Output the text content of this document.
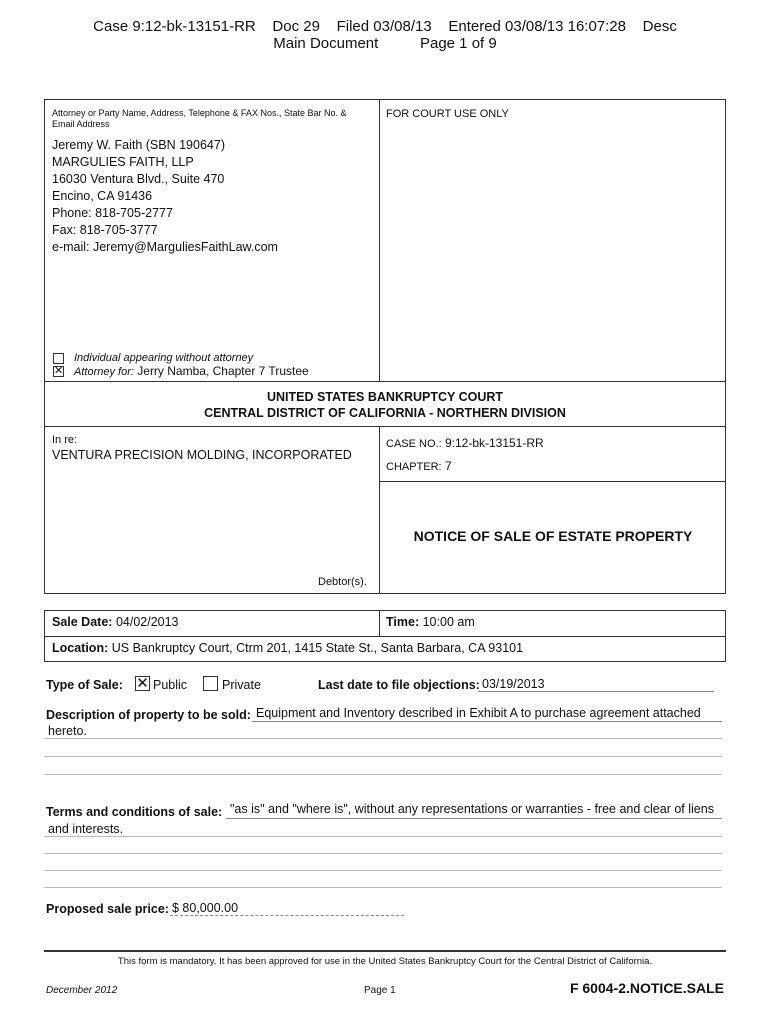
Case 9:12-bk-13151-RR    Doc 29    Filed 03/08/13    Entered 03/08/13 16:07:28    Desc
Main Document          Page 1 of 9
Attorney or Party Name, Address, Telephone & FAX Nos., State Bar No. &
Email Address
FOR COURT USE ONLY
Jeremy W. Faith (SBN 190647)
MARGULIES FAITH, LLP
16030 Ventura Blvd., Suite 470
Encino, CA 91436
Phone: 818-705-2777
Fax: 818-705-3777
e-mail: Jeremy@MarguliesFaithLaw.com
Individual appearing without attorney
✕ Attorney for: Jerry Namba, Chapter 7 Trustee
UNITED STATES BANKRUPTCY COURT
CENTRAL DISTRICT OF CALIFORNIA - NORTHERN DIVISION
In re:
VENTURA PRECISION MOLDING, INCORPORATED
Debtor(s).
CASE NO.: 9:12-bk-13151-RR
CHAPTER: 7
NOTICE OF SALE OF ESTATE PROPERTY
Sale Date: 04/02/2013	Time: 10:00 am
Location: US Bankruptcy Court, Ctrm 201, 1415 State St., Santa Barbara, CA 93101
Type of Sale: ✕ Public	Private	Last date to file objections: 03/19/2013
Description of property to be sold: Equipment and Inventory described in Exhibit A to purchase agreement attached
hereto.
Terms and conditions of sale: "as is" and "where is", without any representations or warranties - free and clear of liens
and interests.
Proposed sale price: $ 80,000.00
This form is mandatory. It has been approved for use in the United States Bankruptcy Court for the Central District of California.
December 2012	Page 1	F 6004-2.NOTICE.SALE
